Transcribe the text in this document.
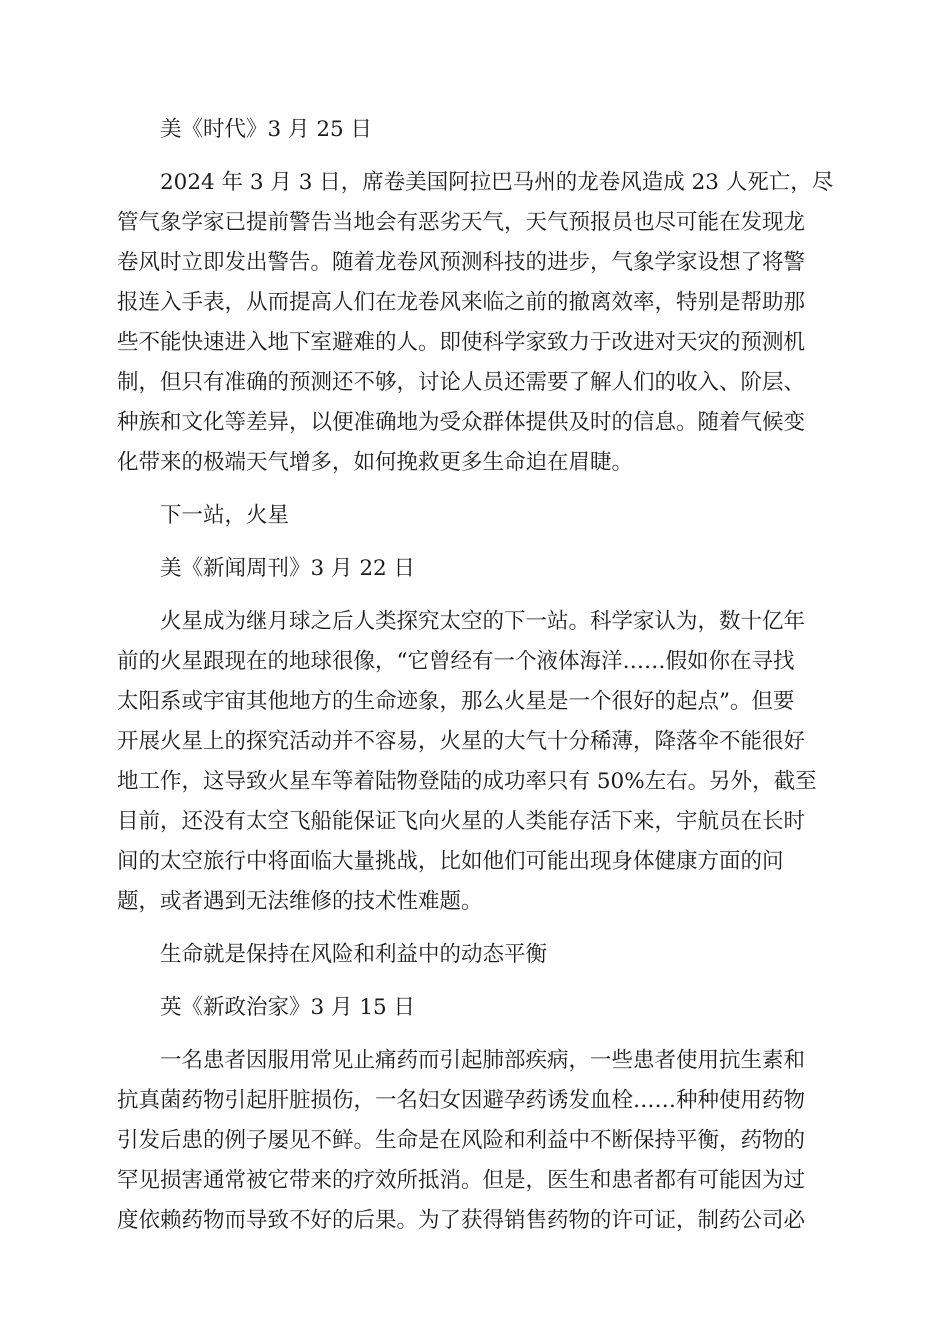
美《时代》3 月 25 日
2024 年 3 月 3 日，席卷美国阿拉巴马州的龙卷风造成 23 人死亡，尽
管气象学家已提前警告当地会有恶劣天气，天气预报员也尽可能在发现龙
卷风时立即发出警告。随着龙卷风预测科技的进步，气象学家设想了将警
报连入手表，从而提高人们在龙卷风来临之前的撤离效率，特别是帮助那
些不能快速进入地下室避难的人。即使科学家致力于改进对天灾的预测机
制，但只有准确的预测还不够，讨论人员还需要了解人们的收入、阶层、
种族和文化等差异，以便准确地为受众群体提供及时的信息。随着气候变
化带来的极端天气增多，如何挽救更多生命迫在眉睫。
下一站，火星
美《新闻周刊》3 月 22 日
火星成为继月球之后人类探究太空的下一站。科学家认为，数十亿年
前的火星跟现在的地球很像，“它曾经有一个液体海洋……假如你在寻找
太阳系或宇宙其他地方的生命迹象，那么火星是一个很好的起点”。但要
开展火星上的探究活动并不容易，火星的大气十分稀薄，降落伞不能很好
地工作，这导致火星车等着陆物登陆的成功率只有 50%左右。另外，截至
目前，还没有太空飞船能保证飞向火星的人类能存活下来，宇航员在长时
间的太空旅行中将面临大量挑战，比如他们可能出现身体健康方面的问
题，或者遇到无法维修的技术性难题。
生命就是保持在风险和利益中的动态平衡
英《新政治家》3 月 15 日
一名患者因服用常见止痛药而引起肺部疾病，一些患者使用抗生素和
抗真菌药物引起肝脏损伤，一名妇女因避孕药诱发血栓……种种使用药物
引发后患的例子屡见不鲜。生命是在风险和利益中不断保持平衡，药物的
罕见损害通常被它带来的疗效所抵消。但是，医生和患者都有可能因为过
度依赖药物而导致不好的后果。为了获得销售药物的许可证，制药公司必
